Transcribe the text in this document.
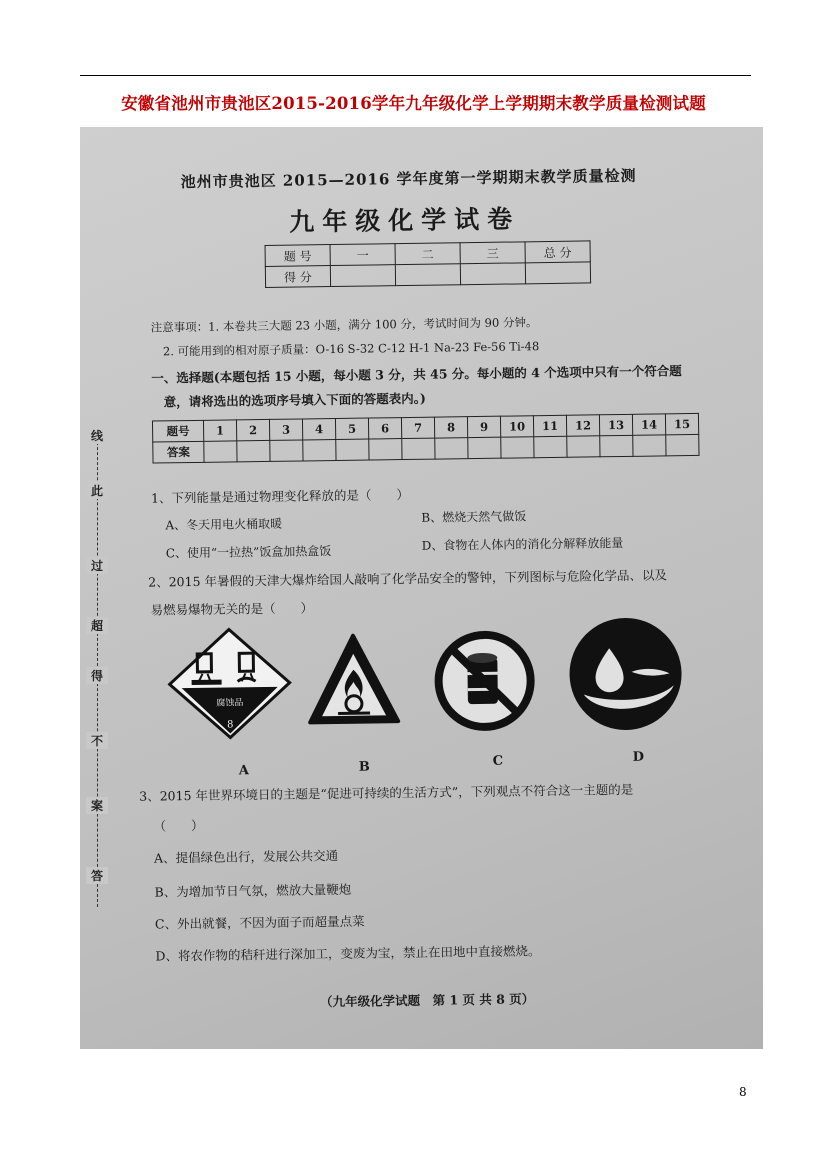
安徽省池州市贵池区2015-2016学年九年级化学上学期期末教学质量检测试题
线
此
过
超
得
不
案
答
池州市贵池区 2015—2016 学年度第一学期期末教学质量检测
九年级化学试卷
题 号	一	二	三	总 分
得 分				
注意事项：1. 本卷共三大题 23 小题，满分 100 分，考试时间为 90 分钟。
2. 可能用到的相对原子质量：O-16 S-32 C-12 H-1 Na-23 Fe-56 Ti-48
一、选择题(本题包括 15 小题，每小题 3 分，共 45 分。每小题的 4 个选项中只有一个符合题
意，请将选出的选项序号填入下面的答题表内。)
题号	1	2	3	4	5	6	7	8	9	10	11	12	13	14	15
答案															
1、下列能量是通过物理变化释放的是（　　）
A、冬天用电火桶取暖	B、燃烧天然气做饭
C、使用“一拉热”饭盒加热盒饭	D、食物在人体内的消化分解释放能量
2、2015 年暑假的天津大爆炸给国人敲响了化学品安全的警钟，下列图标与危险化学品、以及
易燃易爆物无关的是（　　）
腐蚀品
8
A	B	C	D
3、2015 年世界环境日的主题是“促进可持续的生活方式”，下列观点不符合这一主题的是
（　　）
A、提倡绿色出行，发展公共交通
B、为增加节日气氛，燃放大量鞭炮
C、外出就餐，不因为面子而超量点菜
D、将农作物的秸秆进行深加工，变废为宝，禁止在田地中直接燃烧。
（九年级化学试题　第 1 页 共 8 页）
8
